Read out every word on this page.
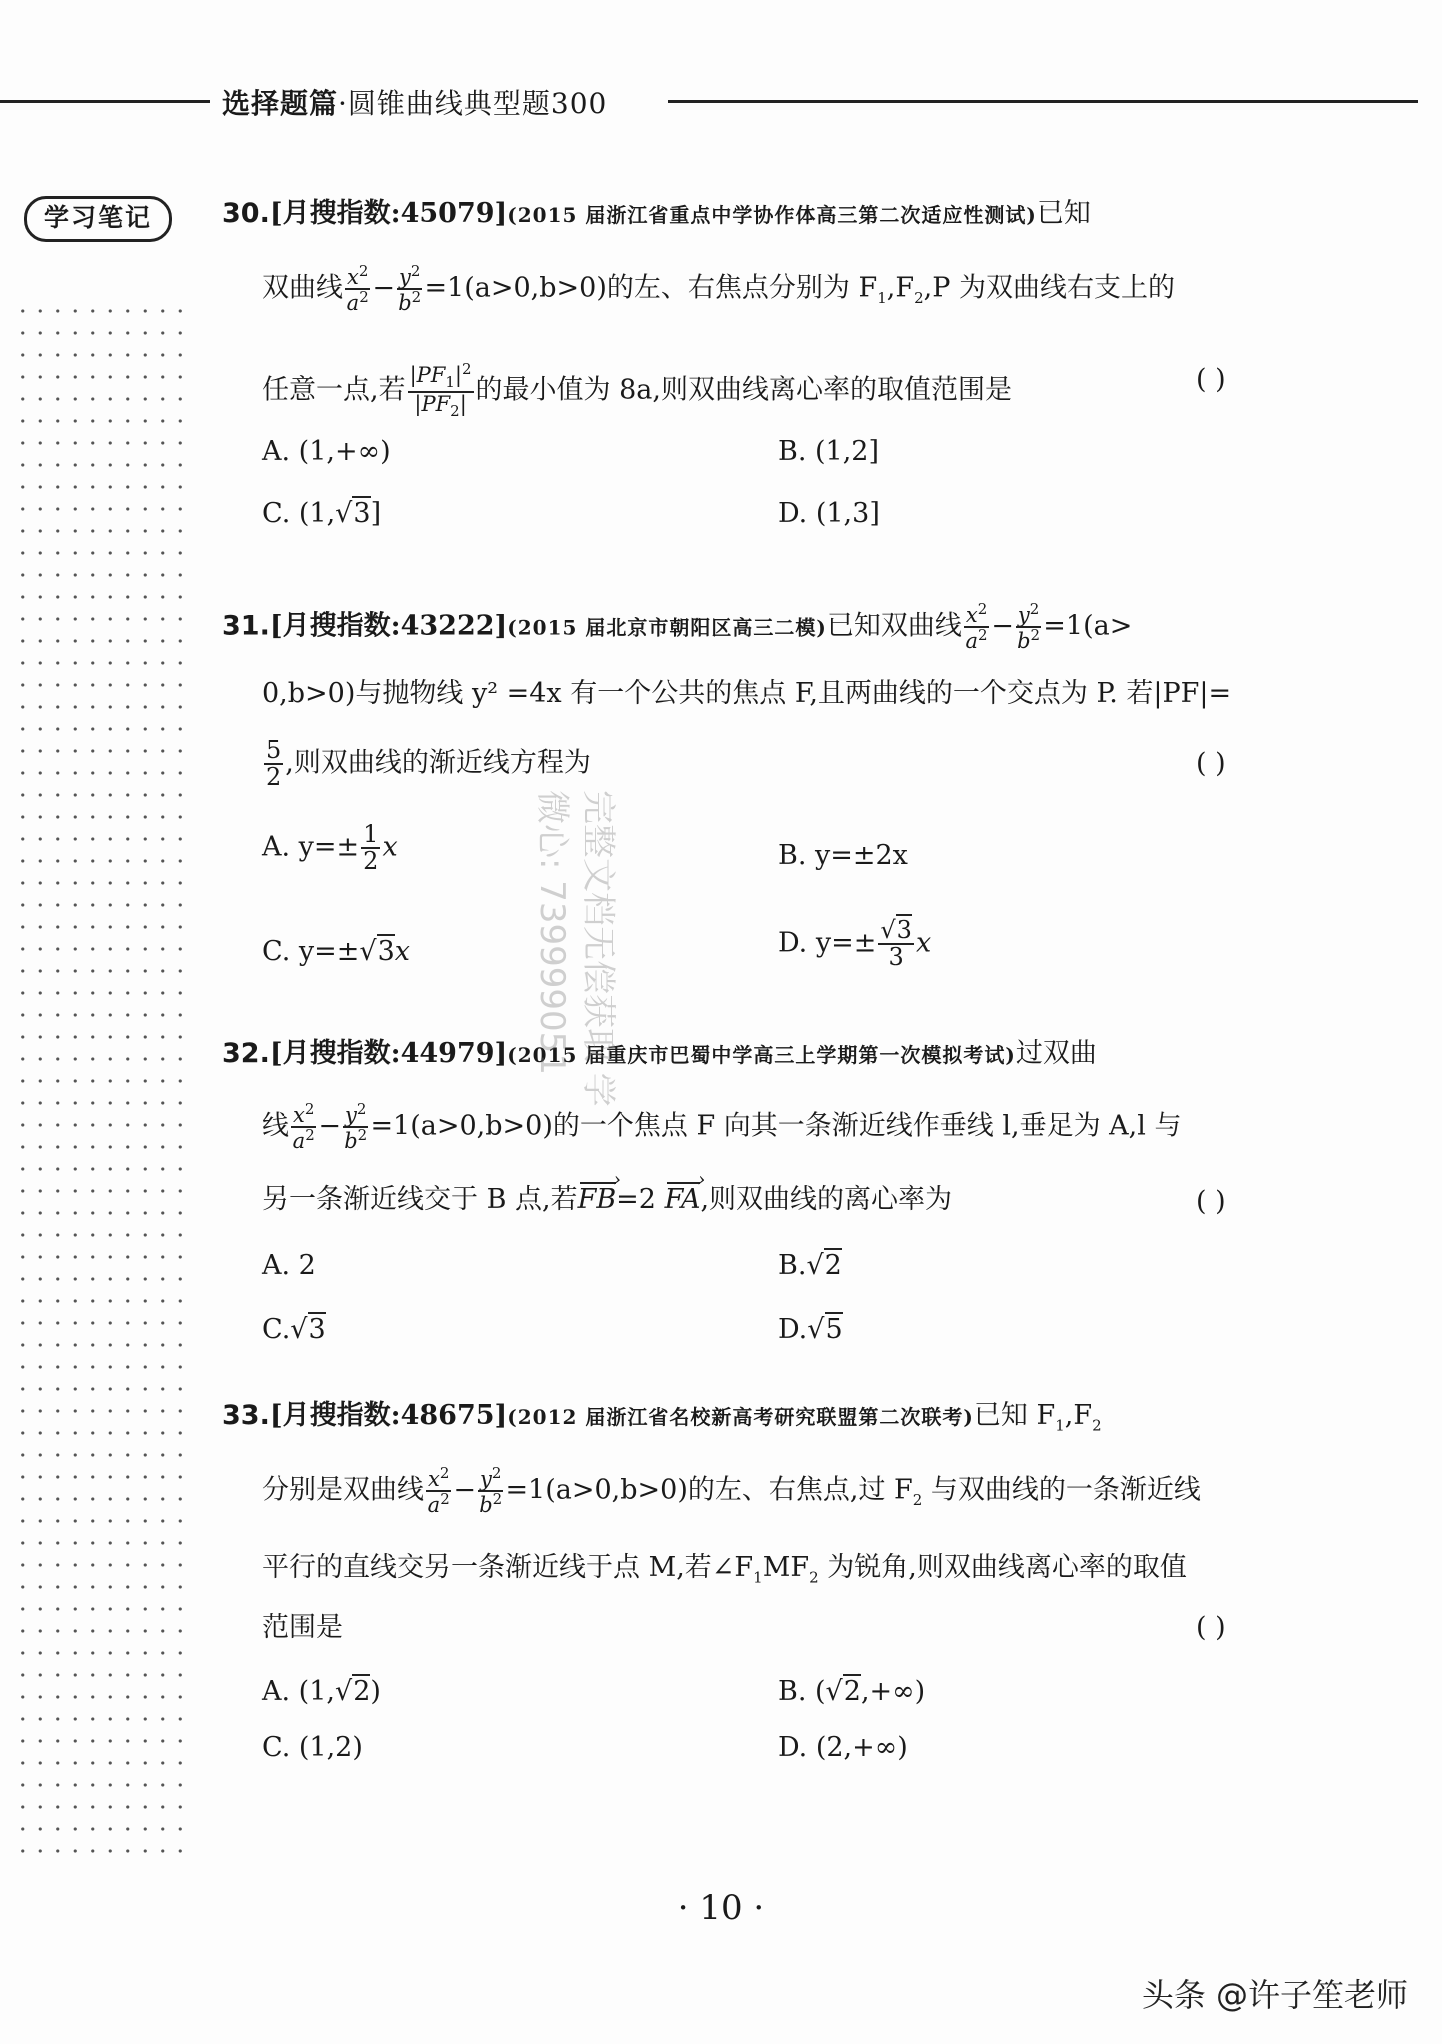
选择题篇·圆锥曲线典型题300
学习笔记	30.[月搜指数:45079](2015 届浙江省重点中学协作体高三第二次适应性测试)已知
双曲线 $\frac{x^2}{a^2} - \frac{y^2}{b^2} =1(a>0,b>0)$的左、右焦点分别为 $F_1,F_2,P$ 为双曲线右支上的
任意一点,若 $\frac{|PF_1|^2}{|PF_2|}$ 的最小值为 8a,则双曲线离心率的取值范围是	( )
A. (1,+∞)	B. (1,2]
C. (1,√3]	D. (1,3]
31.[月搜指数:43222](2015 届北京市朝阳区高三二模)已知双曲线 $\frac{x^2}{a^2} - \frac{y^2}{b^2} =1(a>$
0,b>0)与抛物线 y² =4x 有一个公共的焦点 F,且两曲线的一个交点为 P. 若|PF|=
$\frac{5}{2}$ ,则双曲线的渐近线方程为	( )
A. $y=\pm \frac{1}{2}$ x	B. y=±2x
C. y=±√3x	D. $y=\pm \frac{√3}{3}$ x
32.[月搜指数:44979](2015 届重庆市巴蜀中学高三上学期第一次模拟考试)过双曲
线 $\frac{x^2}{a^2} - \frac{y^2}{b^2} =1(a>0,b>0)$的一个焦点 F 向其一条渐近线作垂线 l,垂足为 A,l 与
另一条渐近线交于 B 点,若FB ›=2 FA ›,则双曲线的离心率为	( )
A. 2	B.√2
C.√3	D.√5
33.[月搜指数:48675](2012 届浙江省名校新高考研究联盟第二次联考)已知 $F_1,F_2$
分别是双曲线 $\frac{x^2}{a^2} - \frac{y^2}{b^2} =1(a>0,b>0)$的左、右焦点,过 $F_2$ 与双曲线的一条渐近线
平行的直线交另一条渐近线于点 M,若$\angle F_1MF_2$ 为锐角,则双曲线离心率的取值
范围是	( )
A. (1,√2)	B. (√2,+∞)
C. (1,2)	D. (2,+∞)
完整文档无偿获取 学
微心: 739999051
· 10 ·
头条 @许子笙老师
